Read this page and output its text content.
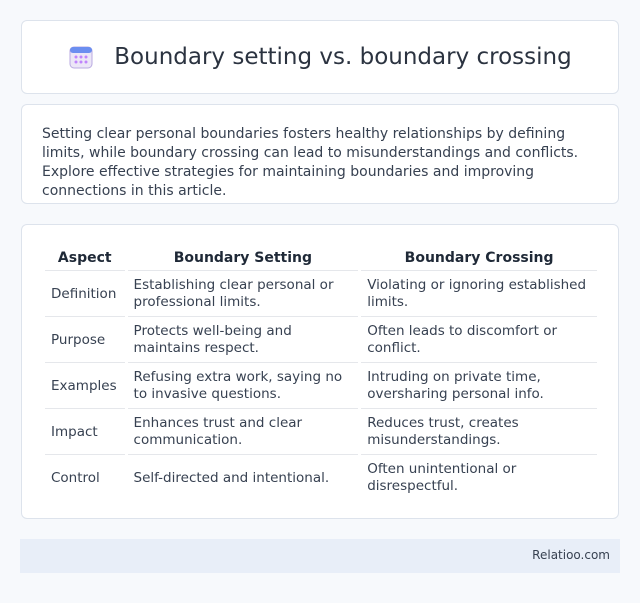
Boundary setting vs. boundary crossing

Setting clear personal boundaries fosters healthy relationships by defining limits, while boundary crossing can lead to misunderstandings and conflicts. Explore effective strategies for maintaining boundaries and improving connections in this article.

Aspect	Boundary Setting	Boundary Crossing
Definition	Establishing clear personal or professional limits.	Violating or ignoring established limits.
Purpose	Protects well-being and maintains respect.	Often leads to discomfort or conflict.
Examples	Refusing extra work, saying no to invasive questions.	Intruding on private time, oversharing personal info.
Impact	Enhances trust and clear communication.	Reduces trust, creates misunderstandings.
Control	Self-directed and intentional.	Often unintentional or disrespectful.
Relatioo.com
